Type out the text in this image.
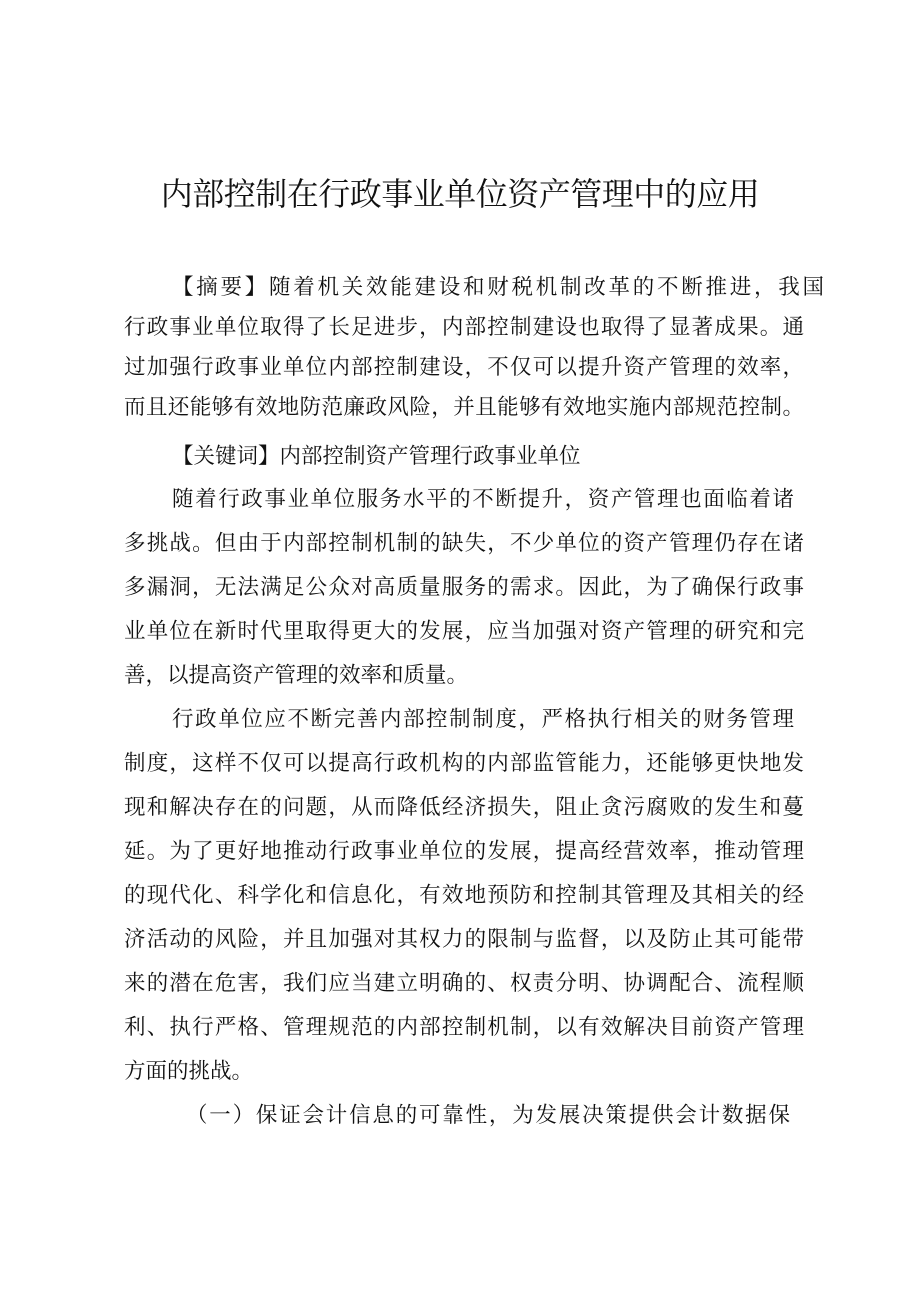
内部控制在行政事业单位资产管理中的应用
【摘要】随着机关效能建设和财税机制改革的不断推进，我国
行政事业单位取得了长足进步，内部控制建设也取得了显著成果。通
过加强行政事业单位内部控制建设，不仅可以提升资产管理的效率，
而且还能够有效地防范廉政风险，并且能够有效地实施内部规范控制。
【关键词】内部控制资产管理行政事业单位
随着行政事业单位服务水平的不断提升，资产管理也面临着诸
多挑战。但由于内部控制机制的缺失，不少单位的资产管理仍存在诸
多漏洞，无法满足公众对高质量服务的需求。因此，为了确保行政事
业单位在新时代里取得更大的发展，应当加强对资产管理的研究和完
善，以提高资产管理的效率和质量。
行政单位应不断完善内部控制制度，严格执行相关的财务管理
制度，这样不仅可以提高行政机构的内部监管能力，还能够更快地发
现和解决存在的问题，从而降低经济损失，阻止贪污腐败的发生和蔓
延。为了更好地推动行政事业单位的发展，提高经营效率，推动管理
的现代化、科学化和信息化，有效地预防和控制其管理及其相关的经
济活动的风险，并且加强对其权力的限制与监督，以及防止其可能带
来的潜在危害，我们应当建立明确的、权责分明、协调配合、流程顺
利、执行严格、管理规范的内部控制机制，以有效解决目前资产管理
方面的挑战。
（一）保证会计信息的可靠性，为发展决策提供会计数据保
